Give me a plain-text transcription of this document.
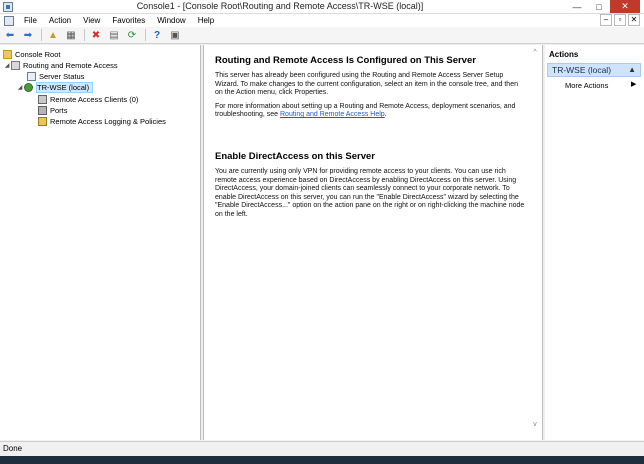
Console1 - [Console Root\Routing and Remote Access\TR-WSE (local)]	—	□	✕
File	Action	View	Favorites	Window	Help	–	▫	✕
⬅ ➡ ▲ ▦ ✖ ▤ ⟳	?	▣
Console Root
◢ Routing and Remote Access
Server Status
◢ TR-WSE (local)
Remote Access Clients (0)
Ports
Remote Access Logging & Policies
Routing and Remote Access Is Configured on This Server

This server has already been configured using the Routing and Remote Access Server Setup Wizard. To make changes to the current configuration, select an item in the console tree, and then on the Action menu, click Properties.

For more information about setting up a Routing and Remote Access, deployment scenarios, and troubleshooting, see Routing and Remote Access Help.

Enable DirectAccess on this Server

You are currently using only VPN for providing remote access to your clients. You can use rich remote access experience based on DirectAccess by enabling DirectAccess on this server. Using DirectAccess, your domain-joined clients can seamlessly connect to your corporate network. To enable DirectAccess on this server, you can run the "Enable DirectAccess" wizard by selecting the "Enable DirectAccess..." option on the action pane on the right or on right-clicking the machine node on the left.

^
v
Actions
TR-WSE (local) ▲
More Actions	▶
Done
